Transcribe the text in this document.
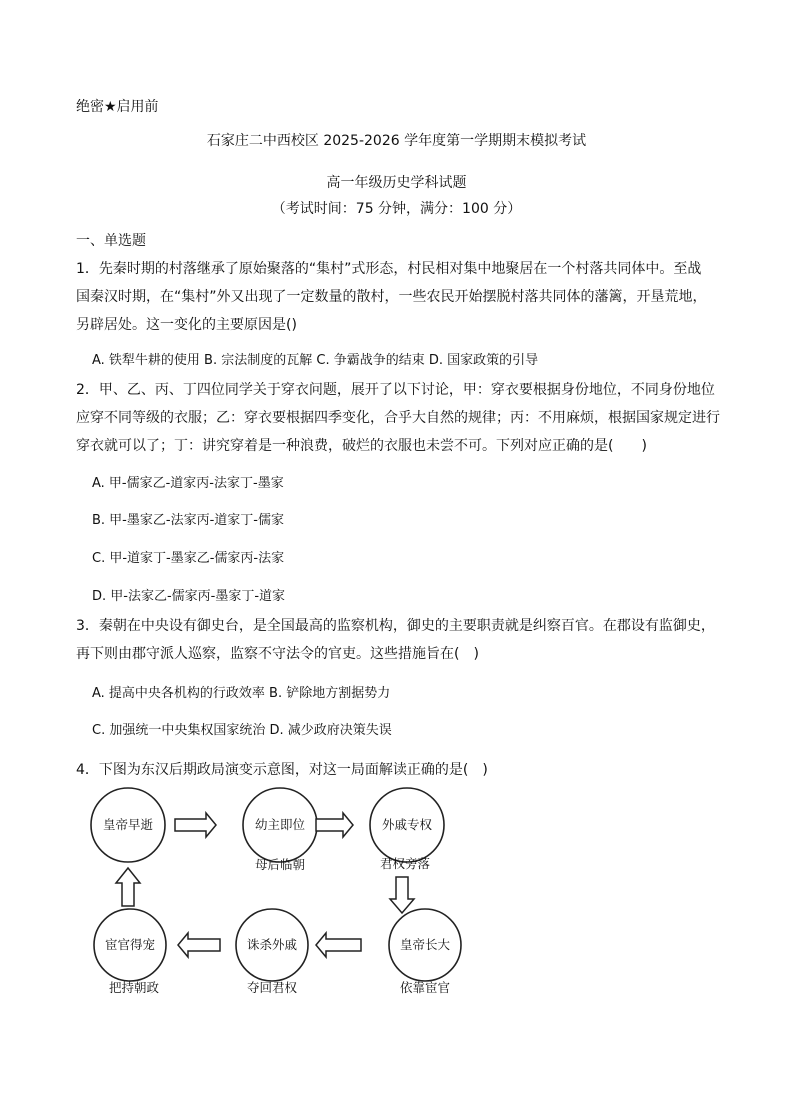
绝密★启用前
石家庄二中西校区 2025-2026 学年度第一学期期末模拟考试
高一年级历史学科试题
（考试时间：75 分钟，满分：100 分）
一、单选题
1．先秦时期的村落继承了原始聚落的“集村”式形态，村民相对集中地聚居在一个村落共同体中。至战
国秦汉时期，在“集村”外又出现了一定数量的散村，一些农民开始摆脱村落共同体的藩篱，开垦荒地，
另辟居处。这一变化的主要原因是()
A. 铁犁牛耕的使用 B. 宗法制度的瓦解 C. 争霸战争的结束 D. 国家政策的引导
2．甲、乙、丙、丁四位同学关于穿衣问题，展开了以下讨论，甲：穿衣要根据身份地位，不同身份地位
应穿不同等级的衣服；乙：穿衣要根据四季变化，合乎大自然的规律；丙：不用麻烦，根据国家规定进行
穿衣就可以了；丁：讲究穿着是一种浪费，破烂的衣服也未尝不可。下列对应正确的是(　　)
A. 甲-儒家乙-道家丙-法家丁-墨家
B. 甲-墨家乙-法家丙-道家丁-儒家
C. 甲-道家丁-墨家乙-儒家丙-法家
D. 甲-法家乙-儒家丙-墨家丁-道家
3．秦朝在中央设有御史台，是全国最高的监察机构，御史的主要职责就是纠察百官。在郡设有监御史，
再下则由郡守派人巡察，监察不守法令的官吏。这些措施旨在(　)
A. 提高中央各机构的行政效率 B. 铲除地方割据势力
C. 加强统一中央集权国家统治 D. 减少政府决策失误
4．下图为东汉后期政局演变示意图，对这一局面解读正确的是(　)
皇帝早逝	幼主即位	外戚专权
皇帝长大
诛杀外戚
宦官得宠
母后临朝	君权旁落
依靠宦官
夺回君权
把持朝政
